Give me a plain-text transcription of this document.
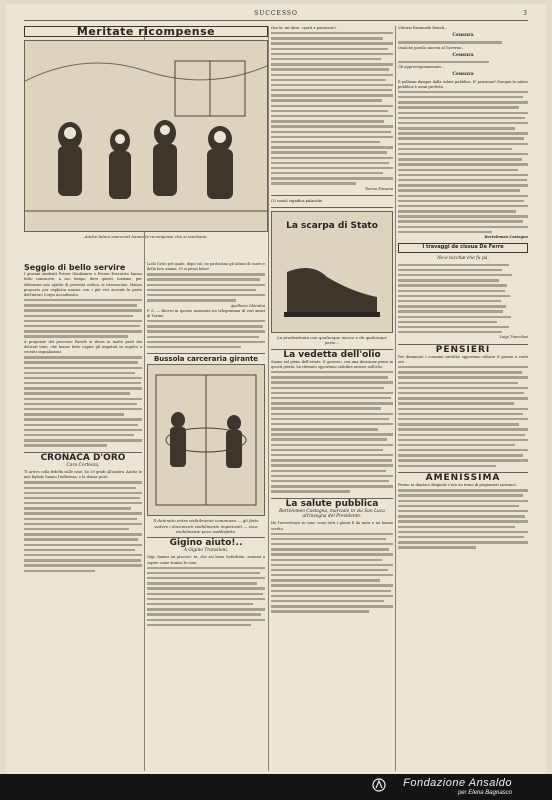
SUCCESSO	3
Meritate ricompense
Anche taluni esercenti hanno le ricompense che si meritano.
Seggio di bello servire
I giovani studenti Potere Giudiziario e Potere Esecutivo hanno fatto conoscere, a suo tempo, dove questi, insieme, per elaborare uno spirito di protesta critica, si ritrovavano. Hanno proposto per esplicita unione con i più vivi accenti la parte dell'intero Corpo Accademico.
A proposito del processo Parodi si sfiora in molte parti dei delicati temi, che hanno fatto capire gli imputati in seguito a recenti segnalazioni.
CRONACA D'ORO
Caro Cortesza,
Ti arrivo colla fedeltà sulle cose, ho 29 gradi all'ombra. Anche le mie figliole hanno l'influenza, e le donne pure.
Lodo l'atto pel quale, dopo ciò, ne parlavano gli ultimi di cuore e della loro anima. Ci si pensi bene!
Apollonio Ghiridini
P. S. — Ricevo in questo momento un telegramma di vari amici di Torino.
Bussola carceraria girante
Il detenuto entra visibilmente commosso — gli fatto vedere i documenti visibilmente impietositi — esce visibilmente poco soddisfatto.
Gigino aiuto!..
A Gigino Transiloni,
Gigi, fammi un piacere: tu, che sai bene Settefrate, aiutami a capire come stanno le cose.
Ora te, mi dirai: «parti a paesione!»
Tonino Finoana
(1) nasal: significa palanche
La scarpa di Stato
La predestinata con qualunque mezzo e da qualunque parte...
La vedetta dell'olio
Siamo nel pieno dell'estate. Il governo, con una decisione presa in questi giorni, ha ritenuto opportuno stabilire misure sull'olio.
La salute pubblica
Bartolomeo Castagna, marciale in via San Luca all'insegna del Presidente.
Ho l'avvertenza in casa: sono tutti i giorni lì da mesi e mi hanno scritto.
Vittorio Emanuele Parodi...
Censura
Qualche parola sincera al Governo...
Censura
Gli approvvigionamenti...
Censura
Il pullman dunque dalla salute pubblica. E' pensione? Dunque la salute pubblica è assai prefetta.
Bartolomeo Castagna
I travaggi de cissua De Ferre
No-e tocchæ che fu pà.
Luigi Trancilosi
PENSIERI
Per diminuire i consumi sarebbe opportuno ridurre il giorno a venti ore.
AMENISSIMA
Fermo in diaziore Brignole c'era un treno di prigionieri austriaci.
Fondazione Ansaldo
per Elena Bagnasco
